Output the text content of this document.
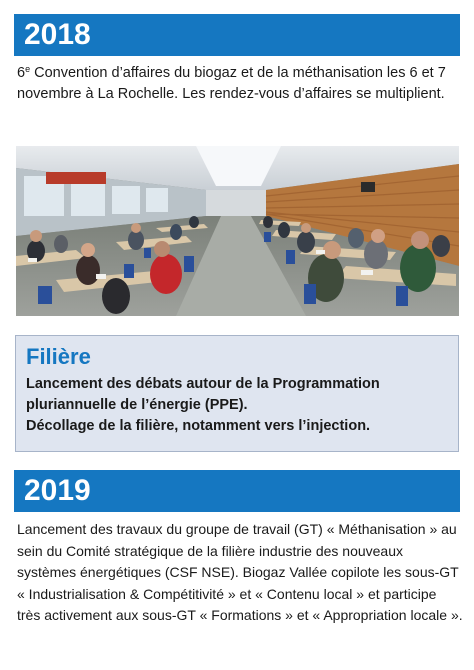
2018
6e Convention d’affaires du biogaz et de la méthanisation les 6 et 7 novembre à La Rochelle. Les rendez-vous d’affaires se multiplient.
Filière

Lancement des débats autour de la Programmation pluriannuelle de l’énergie (PPE).

Décollage de la filière, notamment vers l’injection.

2019
Lancement des travaux du groupe de travail (GT) « Méthanisation » au sein du Comité stratégique de la filière industrie des nouveaux systèmes énergétiques (CSF NSE). Biogaz Vallée copilote les sous-GT « Industrialisation & Compétitivité » et « Contenu local » et participe très activement aux sous-GT « Formations » et « Appropriation locale ».
